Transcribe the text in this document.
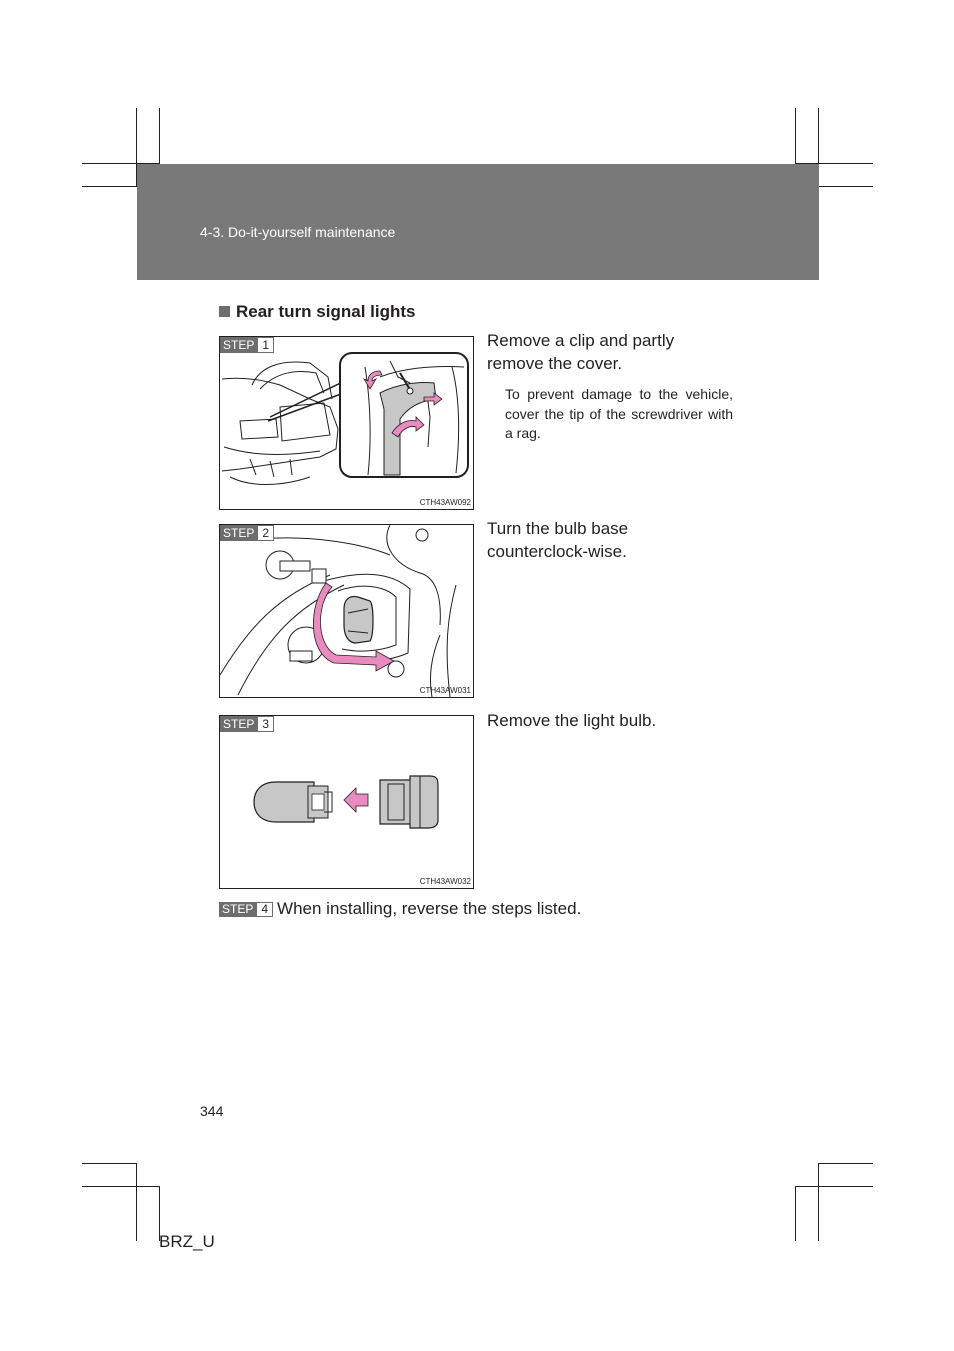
4-3. Do-it-yourself maintenance
Rear turn signal lights
STEP 1
CTH43AW092
Remove a clip and partly remove the cover.
To prevent damage to the vehicle, cover the tip of the screwdriver with a rag.
STEP 2
CTH43AW031
Turn the bulb base counterclock-wise.
STEP 3
CTH43AW032
Remove the light bulb.
STEP 4 When installing, reverse the steps listed.
344
BRZ_U
